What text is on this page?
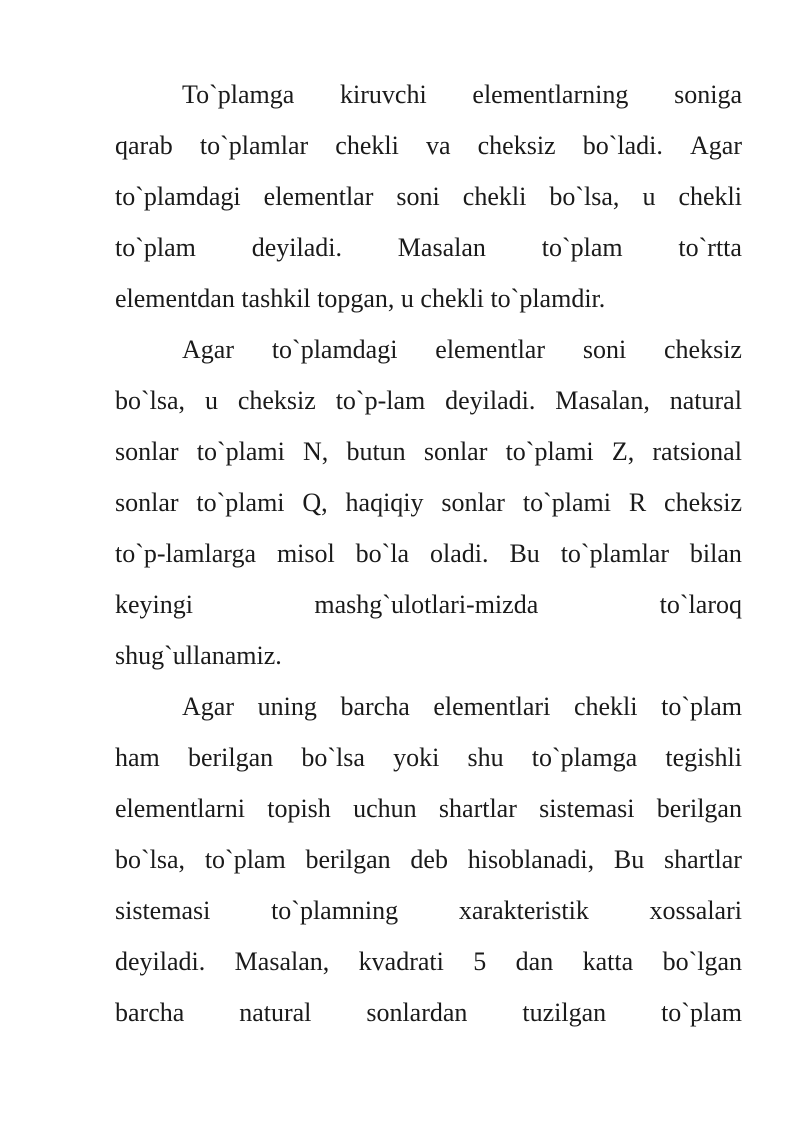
To`plamga kiruvchi elementlarning soniga
qarab to`plamlar chekli va cheksiz bo`ladi. Agar
to`plamdagi elementlar soni chekli bo`lsa, u chekli
to`plam deyiladi. Masalan to`plam to`rtta
elementdan tashkil topgan, u chekli to`plamdir.
Agar to`plamdagi elementlar soni cheksiz
bo`lsa, u cheksiz to`p-lam deyiladi. Masalan, natural
sonlar to`plami N, butun sonlar to`plami Z, ratsional
sonlar to`plami Q, haqiqiy sonlar to`plami R cheksiz
to`p-lamlarga misol bo`la oladi. Bu to`plamlar bilan
keyingi	mashg`ulotlari-mizda	to`laroq
shug`ullanamiz.
Agar uning barcha elementlari chekli to`plam
ham berilgan bo`lsa yoki shu to`plamga tegishli
elementlarni topish uchun shartlar sistemasi berilgan
bo`lsa, to`plam berilgan deb hisoblanadi, Bu shartlar
sistemasi to`plamning xarakteristik xossalari
deyiladi. Masalan, kvadrati 5 dan katta bo`lgan
barcha natural sonlardan tuzilgan to`plam
